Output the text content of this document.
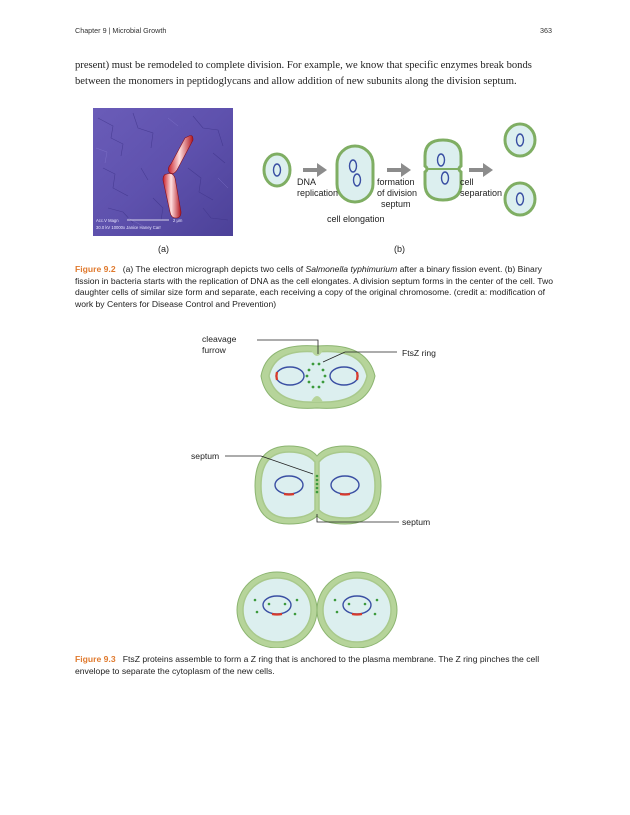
Chapter 9 | Microbial Growth	363

present) must be remodeled to complete division. For example, we know that specific enzymes break bonds between the monomers in peptidoglycans and allow addition of new subunits along the division septum.

Acc.V Magn	2 μm
30.0 kV 10000x Janice Haney Carr
DNA
replication
formation
of division
septum
cell
separation
cell elongation
(a)	(b)
Figure 9.2 (a) The electron micrograph depicts two cells of Salmonella typhimurium after a binary fission event. (b) Binary fission in bacteria starts with the replication of DNA as the cell elongates. A division septum forms in the center of the cell. Two daughter cells of similar size form and separate, each receiving a copy of the original chromosome. (credit a: modification of work by Centers for Disease Control and Prevention)
cleavage
furrow	FtsZ ring
septum
septum
Figure 9.3 FtsZ proteins assemble to form a Z ring that is anchored to the plasma membrane. The Z ring pinches the cell envelope to separate the cytoplasm of the new cells.
